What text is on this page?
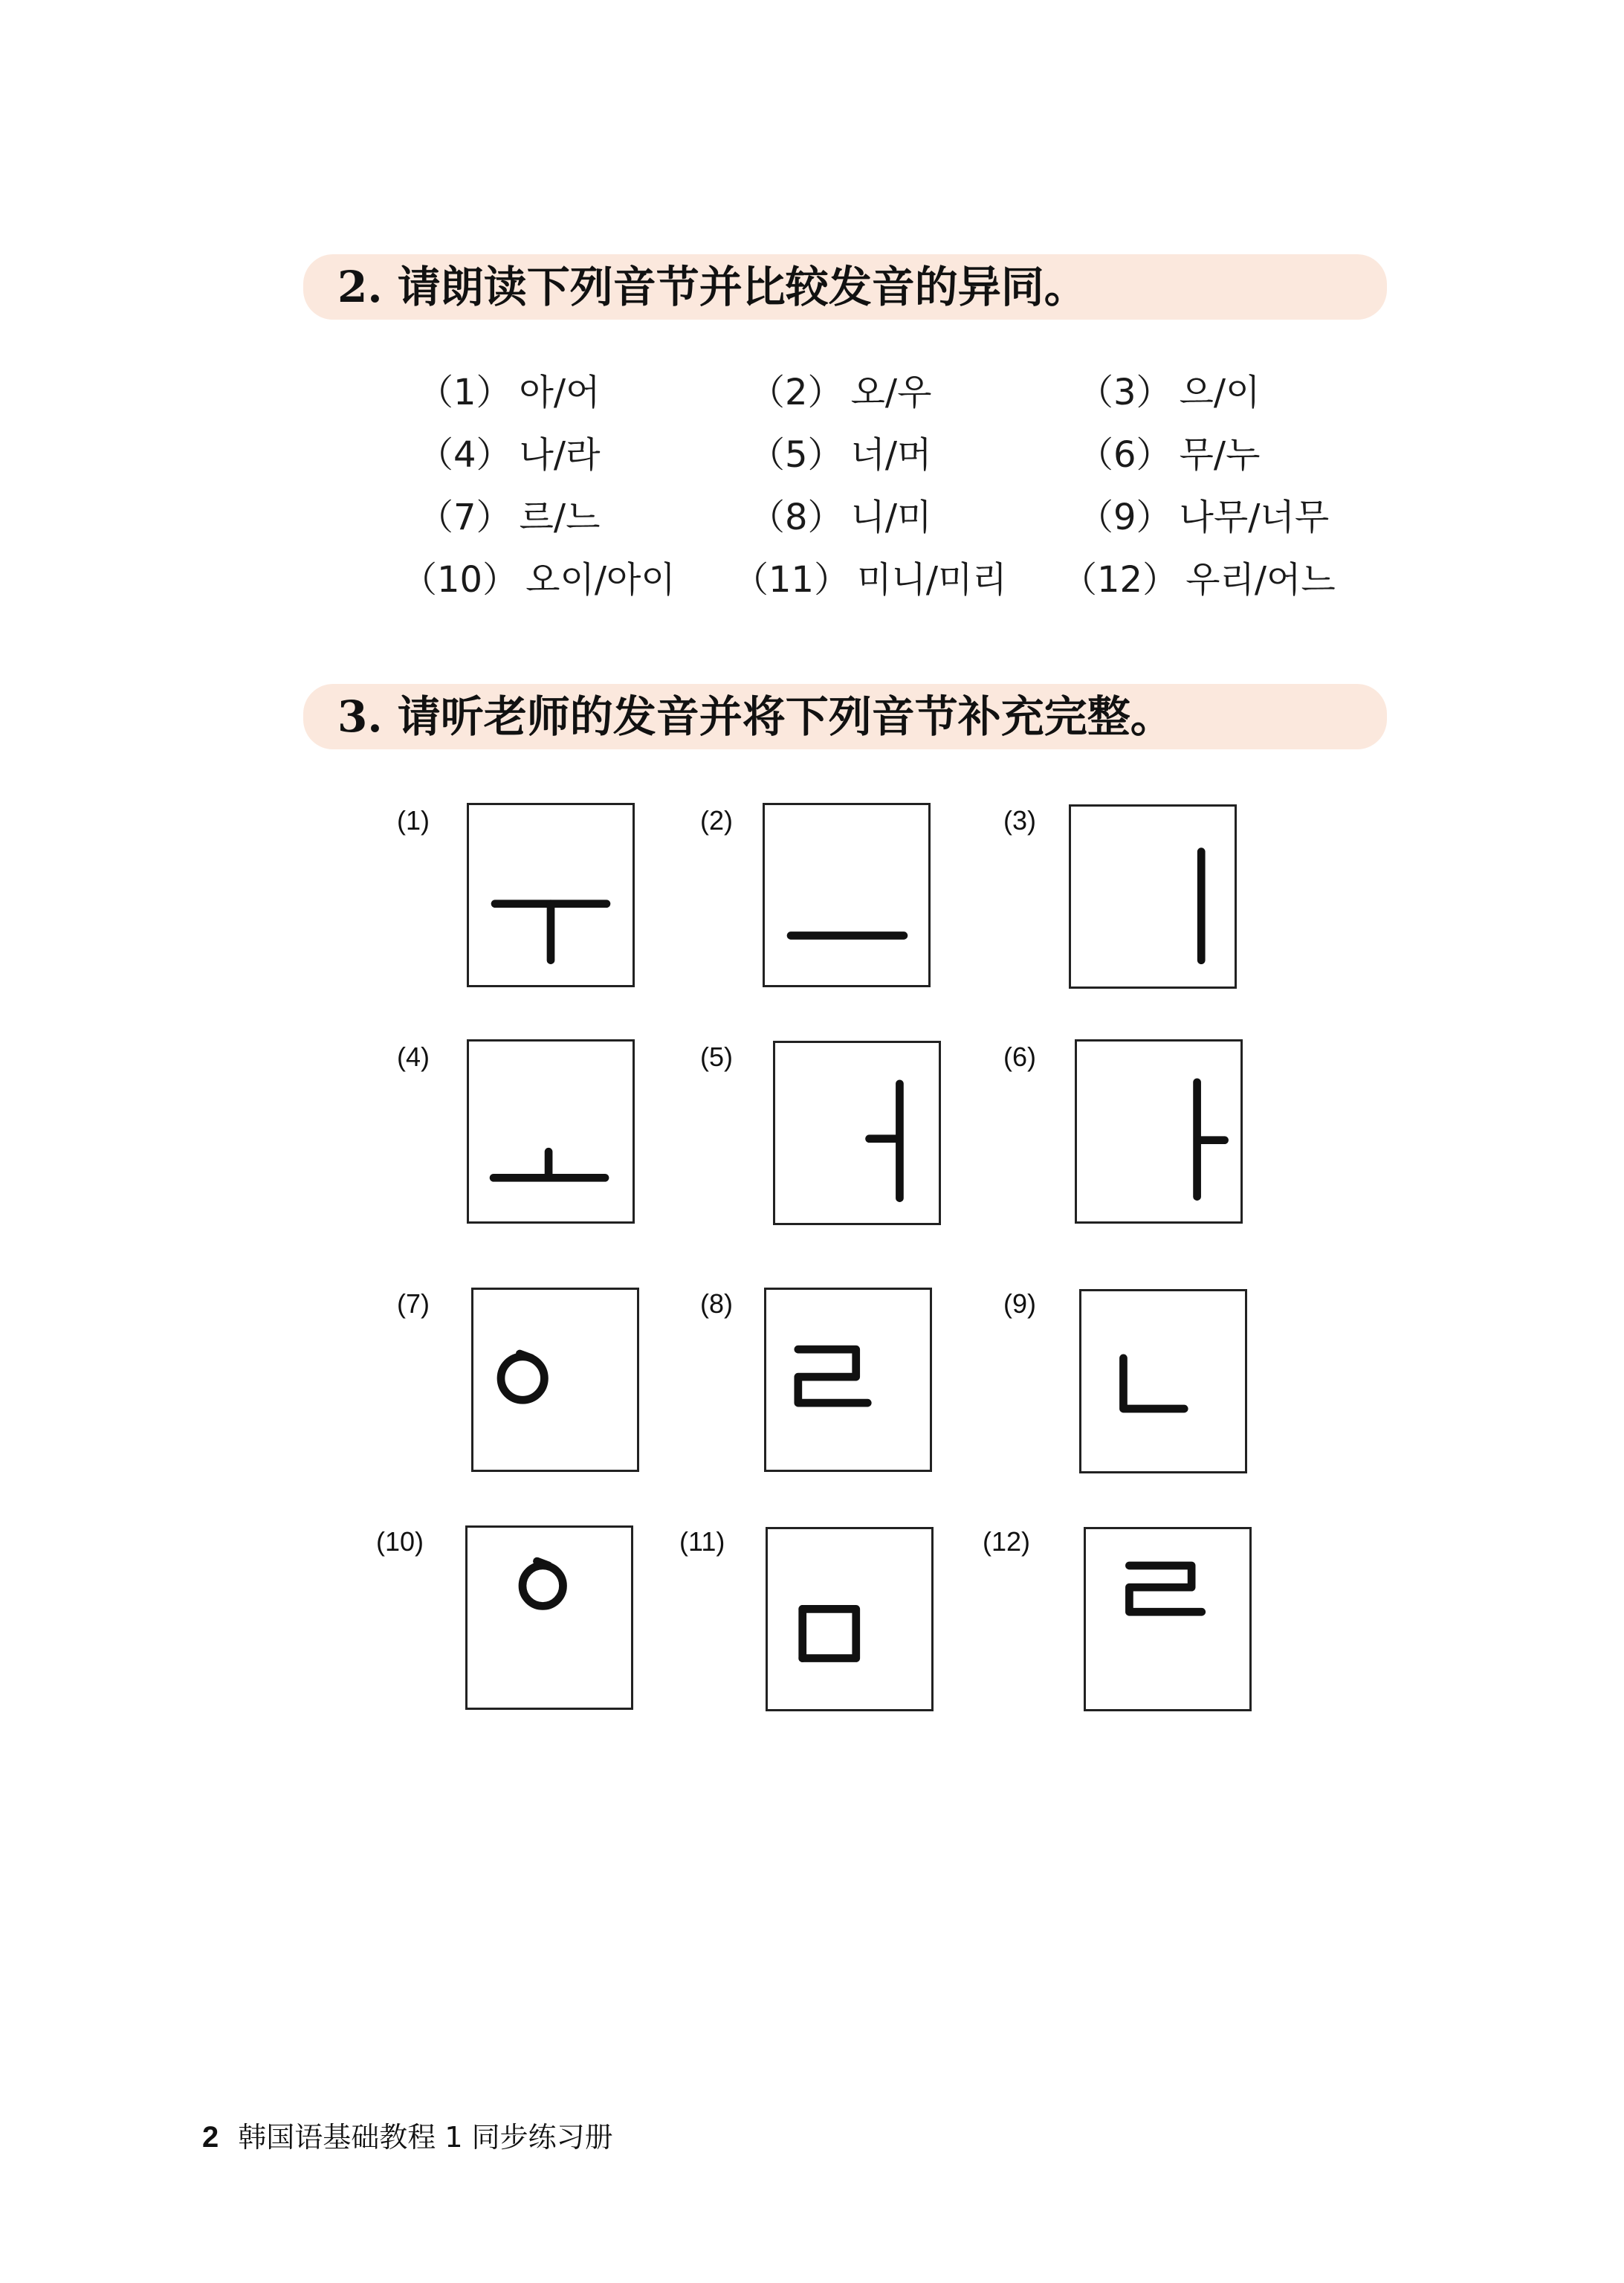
2. 请朗读下列音节并比较发音的异同。
（1） 아/어	（2） 오/우	（3） 으/이
（4） 나/라	（5） 너/머	（6） 무/누
（7） 르/느	（8） 니/미	（9） 나무/너무
（10） 오이/아이 （11） 미니/미리 （12） 우리/어느
3. 请听老师的发音并将下列音节补充完整。
(1)	(2)	(3)
(4)	(5)	(6)
(7)	(8)	(9)
(10)	(11)	(12)
2 韩国语基础教程 1 同步练习册
